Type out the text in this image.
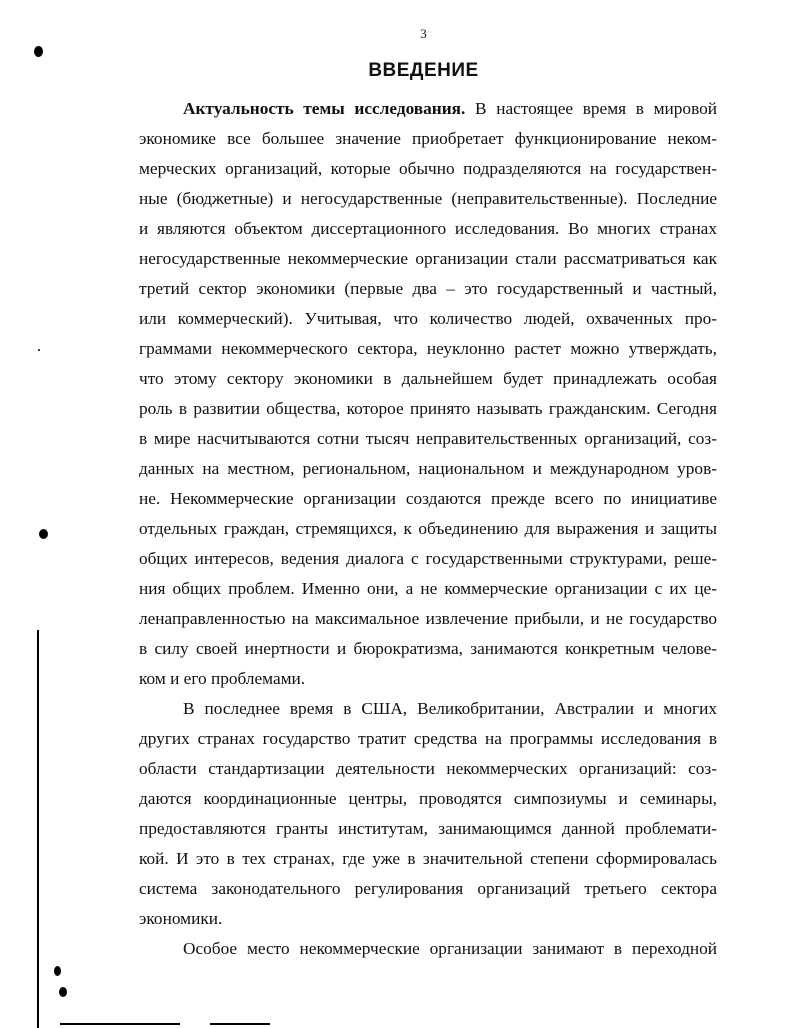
3

ВВЕДЕНИЕ
Актуальность темы исследования. В настоящее время в мировой
экономике все большее значение приобретает функционирование неком-
мерческих организаций, которые обычно подразделяются на государствен-
ные (бюджетные) и негосударственные (неправительственные). Последние
и являются объектом диссертационного исследования. Во многих странах
негосударственные некоммерческие организации стали рассматриваться как
третий сектор экономики (первые два – это государственный и частный,
или коммерческий). Учитывая, что количество людей, охваченных про-
граммами некоммерческого сектора, неуклонно растет можно утверждать,
что этому сектору экономики в дальнейшем будет принадлежать особая
роль в развитии общества, которое принято называть гражданским. Сегодня
в мире насчитываются сотни тысяч неправительственных организаций, соз-
данных на местном, региональном, национальном и международном уров-
не. Некоммерческие организации создаются прежде всего по инициативе
отдельных граждан, стремящихся, к объединению для выражения и защиты
общих интересов, ведения диалога с государственными структурами, реше-
ния общих проблем. Именно они, а не коммерческие организации с их це-
ленаправленностью на максимальное извлечение прибыли, и не государство
в силу своей инертности и бюрократизма, занимаются конкретным челове-
ком и его проблемами.
В последнее время в США, Великобритании, Австралии и многих
других странах государство тратит средства на программы исследования в
области стандартизации деятельности некоммерческих организаций: соз-
даются координационные центры, проводятся симпозиумы и семинары,
предоставляются гранты институтам, занимающимся данной проблемати-
кой. И это в тех странах, где уже в значительной степени сформировалась
система законодательного регулирования организаций третьего сектора
экономики.
Особое место некоммерческие организации занимают в переходной
